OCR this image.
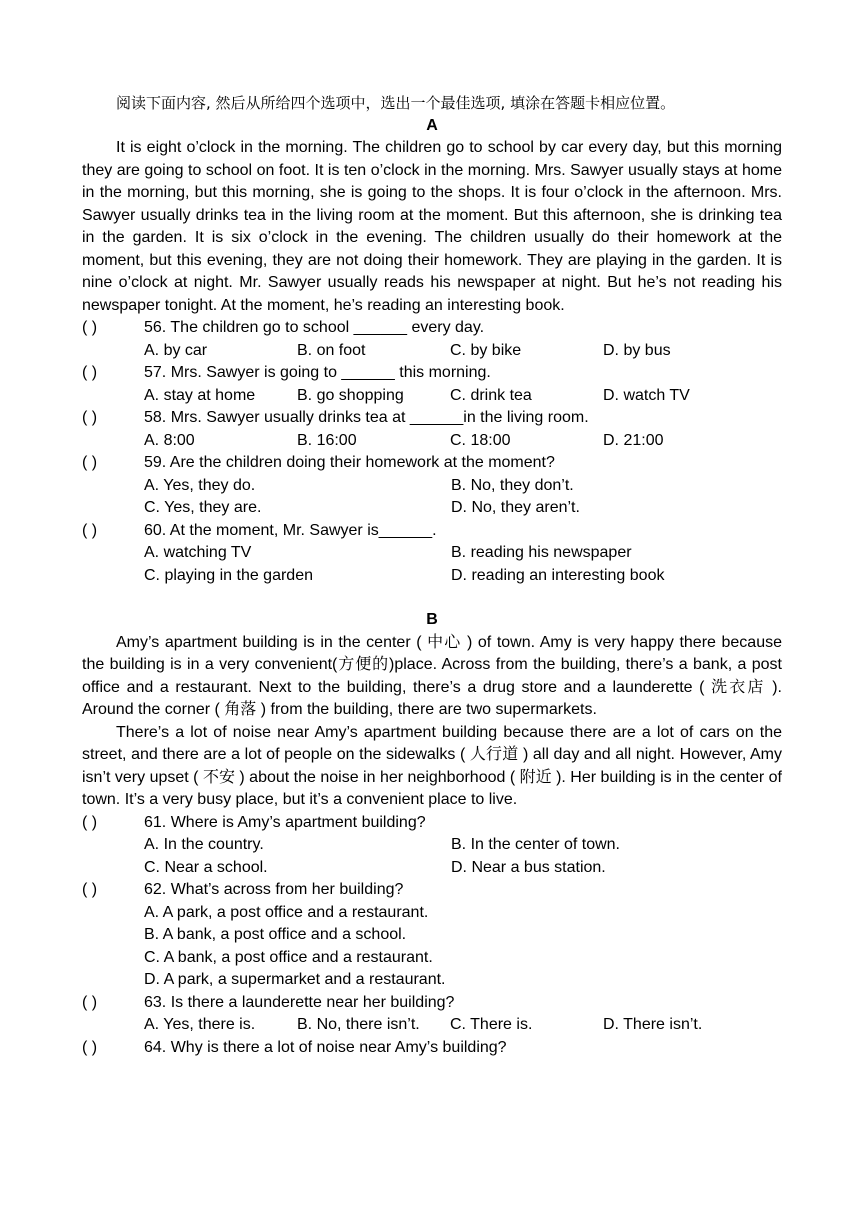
阅读下面内容, 然后从所给四个选项中，选出一个最佳选项, 填涂在答题卡相应位置。
A
It is eight o’clock in the morning. The children go to school by car every day, but this morning they are going to school on foot. It is ten o’clock in the morning. Mrs. Sawyer usually stays at home in the morning, but this morning, she is going to the shops. It is four o’clock in the afternoon. Mrs. Sawyer usually drinks tea in the living room at the moment. But this afternoon, she is drinking tea in the garden. It is six o’clock in the evening. The children usually do their homework at the moment, but this evening, they are not doing their homework. They are playing in the garden. It is nine o’clock at night. Mr. Sawyer usually reads his newspaper at night. But he’s not reading his newspaper tonight. At the moment, he’s reading an interesting book.
( )	56. The children go to school ______ every day.
A. by car	B. on foot	C. by bike	D. by bus
( )	57. Mrs. Sawyer is going to ______ this morning.
A. stay at home	B. go shopping	C. drink tea	D. watch TV
( )	58. Mrs. Sawyer usually drinks tea at ______in the living room.
A. 8:00	B. 16:00	C. 18:00	D. 21:00
( )	59. Are the children doing their homework at the moment?
A. Yes, they do.	B. No, they don’t.
C. Yes, they are.	D. No, they aren’t.
( )	60. At the moment, Mr. Sawyer is______.
A. watching TV	B. reading his newspaper
C. playing in the garden	D. reading an interesting book
B
Amy’s apartment building is in the center ( 中心 ) of town. Amy is very happy there because the building is in a very convenient(方便的)place. Across from the building, there’s a bank, a post office and a restaurant. Next to the building, there’s a drug store and a launderette ( 洗衣店 ). Around the corner ( 角落 ) from the building, there are two supermarkets.
There’s a lot of noise near Amy’s apartment building because there are a lot of cars on the street, and there are a lot of people on the sidewalks ( 人行道 ) all day and all night. However, Amy isn’t very upset ( 不安 ) about the noise in her neighborhood ( 附近 ). Her building is in the center of town. It’s a very busy place, but it’s a convenient place to live.
( )	61. Where is Amy’s apartment building?
A. In the country.	B. In the center of town.
C. Near a school.	D. Near a bus station.
( )	62. What’s across from her building?
A. A park, a post office and a restaurant.
B. A bank, a post office and a school.
C. A bank, a post office and a restaurant.
D. A park, a supermarket and a restaurant.
( )	63. Is there a launderette near her building?
A. Yes, there is.	B. No, there isn’t.	C. There is.	D. There isn’t.
( )	64. Why is there a lot of noise near Amy’s building?
